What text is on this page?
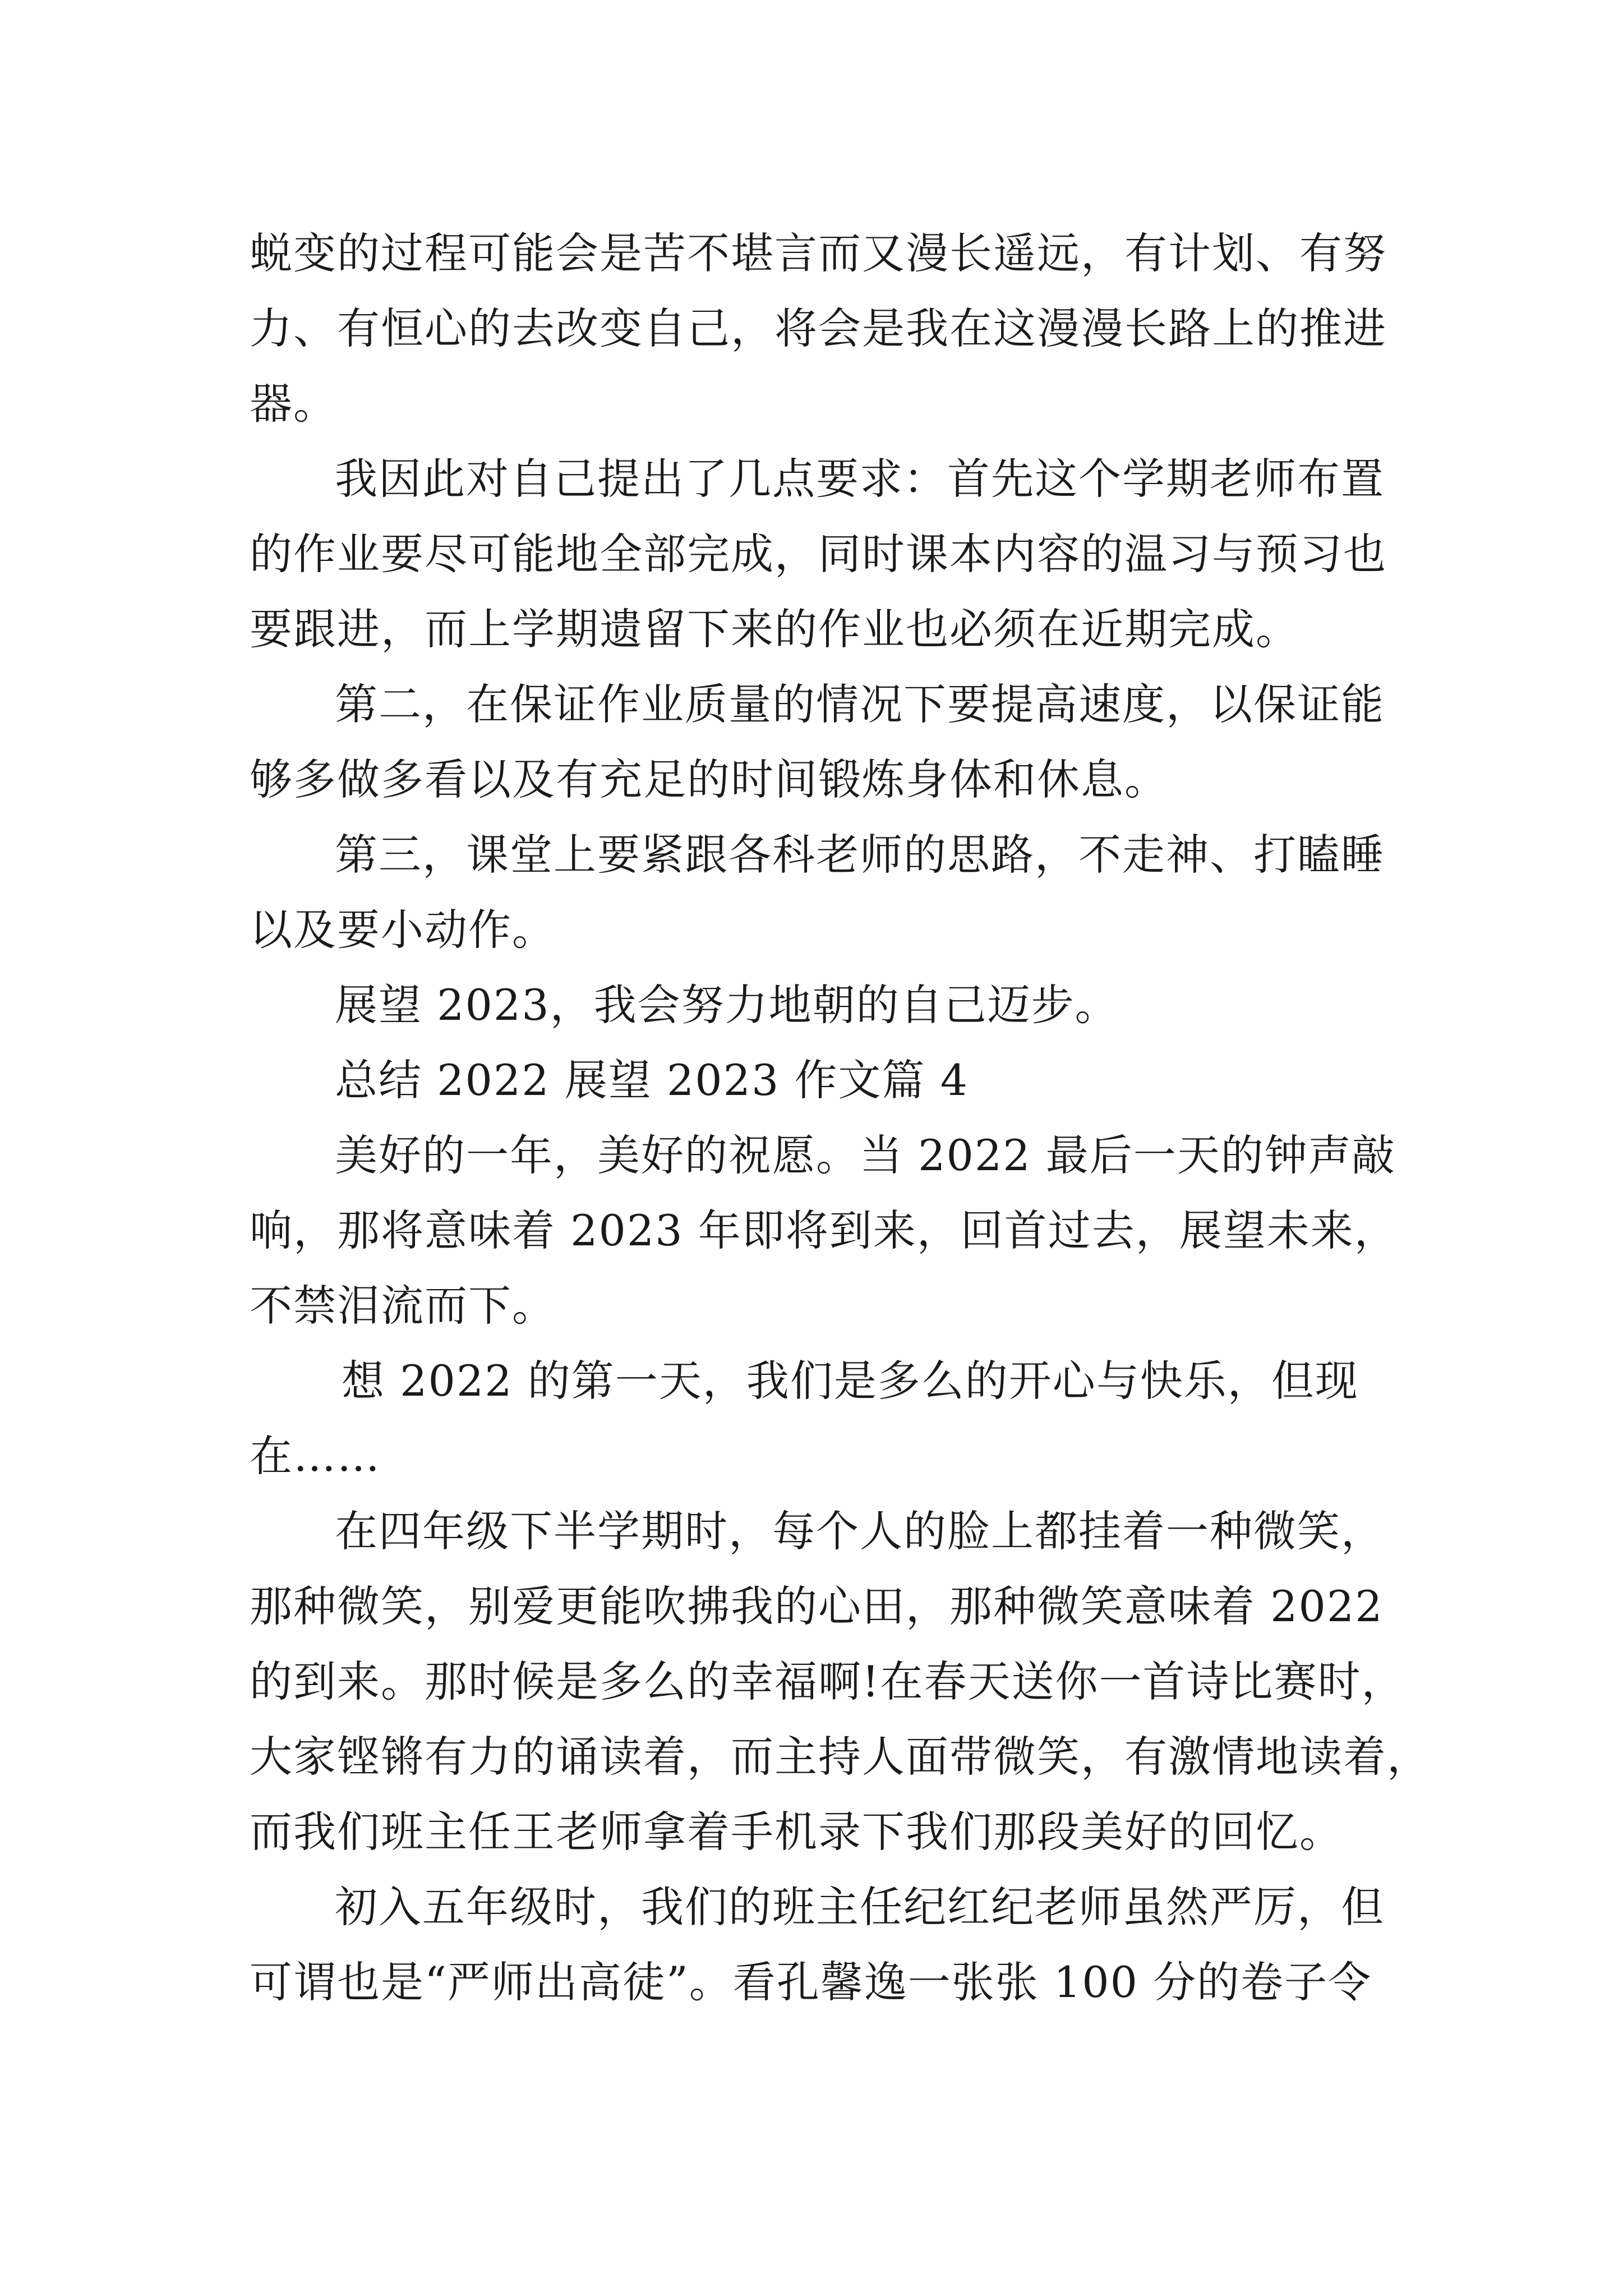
蜕变的过程可能会是苦不堪言而又漫长遥远，有计划、有努
力、有恒心的去改变自己，将会是我在这漫漫长路上的推进
器。
我因此对自己提出了几点要求：首先这个学期老师布置
的作业要尽可能地全部完成，同时课本内容的温习与预习也
要跟进，而上学期遗留下来的作业也必须在近期完成。
第二，在保证作业质量的情况下要提高速度，以保证能
够多做多看以及有充足的时间锻炼身体和休息。
第三，课堂上要紧跟各科老师的思路，不走神、打瞌睡
以及要小动作。
展望 2023，我会努力地朝的自己迈步。
总结 2022 展望 2023 作文篇 4
美好的一年，美好的祝愿。当 2022 最后一天的钟声敲
响，那将意味着 2023 年即将到来，回首过去，展望未来，
不禁泪流而下。
想 2022 的第一天，我们是多么的开心与快乐，但现
在……
在四年级下半学期时，每个人的脸上都挂着一种微笑，
那种微笑，别爱更能吹拂我的心田，那种微笑意味着 2022
的到来。那时候是多么的幸福啊!在春天送你一首诗比赛时，
大家铿锵有力的诵读着，而主持人面带微笑，有激情地读着，
而我们班主任王老师拿着手机录下我们那段美好的回忆。
初入五年级时，我们的班主任纪红纪老师虽然严厉，但
可谓也是“严师出高徒”。看孔馨逸一张张 100 分的卷子令
